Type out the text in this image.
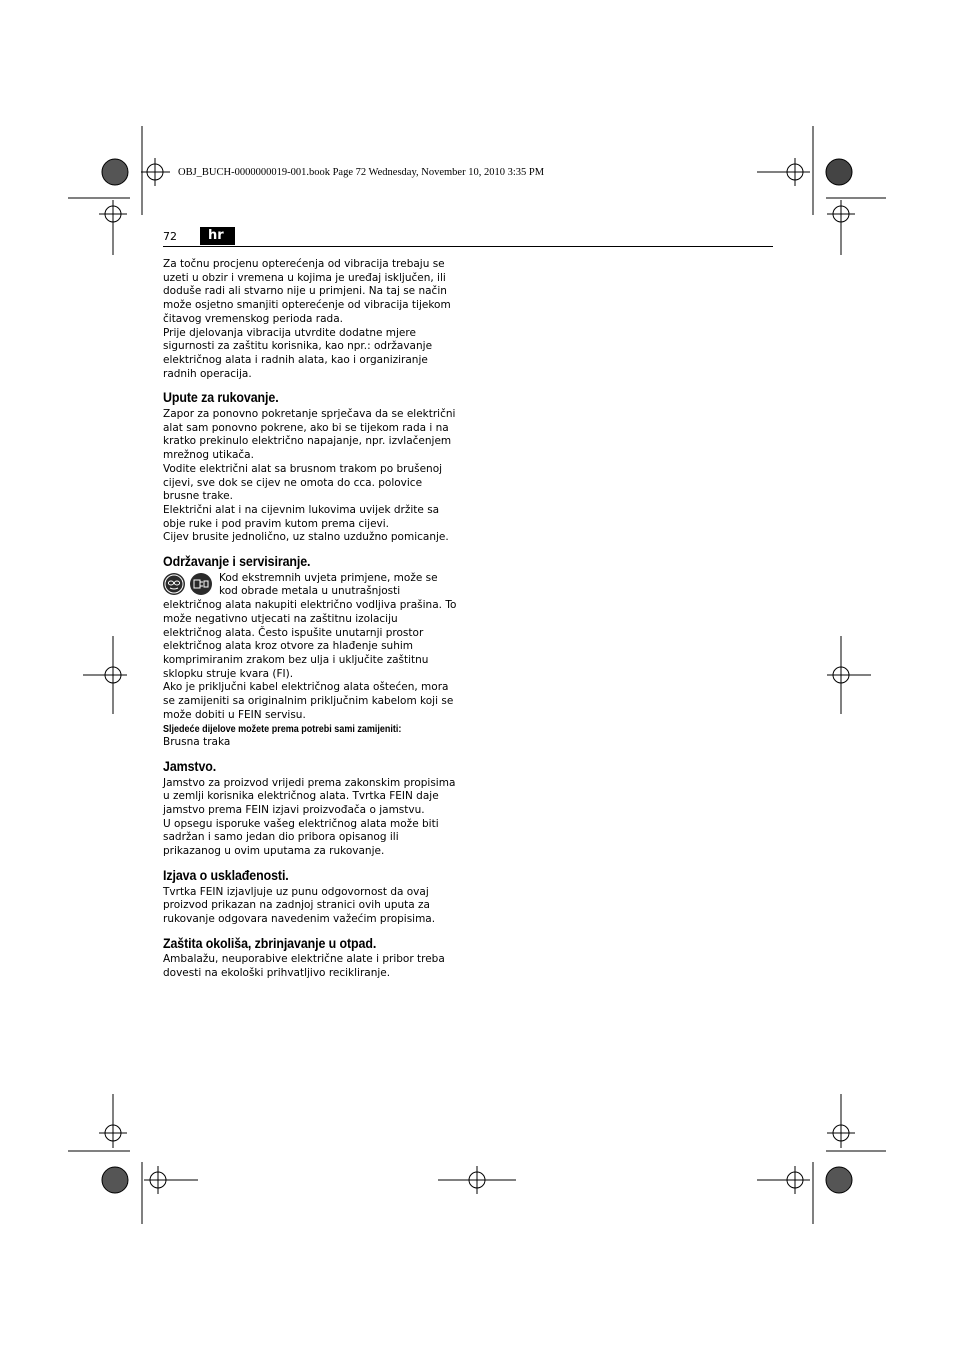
OBJ_BUCH-0000000019-001.book Page 72 Wednesday, November 10, 2010 3:35 PM
72	hr

Za točnu procjenu opterećenja od vibracija trebaju se uzeti u obzir i vremena u kojima je uređaj isključen, ili doduše radi ali stvarno nije u primjeni. Na taj se način može osjetno smanjiti opterećenje od vibracija tijekom čitavog vremenskog perioda rada.

Prije djelovanja vibracija utvrdite dodatne mjere sigurnosti za zaštitu korisnika, kao npr.: održavanje električnog alata i radnih alata, kao i organiziranje radnih operacija.

Upute za rukovanje.

Zapor za ponovno pokretanje sprječava da se električni alat sam ponovno pokrene, ako bi se tijekom rada i na kratko prekinulo električno napajanje, npr. izvlačenjem mrežnog utikača.

Vodite električni alat sa brusnom trakom po brušenoj cijevi, sve dok se cijev ne omota do cca. polovice brusne trake.

Električni alat i na cijevnim lukovima uvijek držite sa obje ruke i pod pravim kutom prema cijevi.

Cijev brusite jednolično, uz stalno uzdužno pomicanje.

Održavanje i servisiranje.

Kod ekstremnih uvjeta primjene, može se kod obrade metala u unutrašnjosti električnog alata nakupiti električno vodljiva prašina. To može negativno utjecati na zaštitnu izolaciju električnog alata. Često ispušite unutarnji prostor električnog alata kroz otvore za hlađenje suhim komprimiranim zrakom bez ulja i uključite zaštitnu sklopku struje kvara (FI).

Ako je priključni kabel električnog alata oštećen, mora se zamijeniti sa originalnim priključnim kabelom koji se može dobiti u FEIN servisu.

Sljedeće dijelove možete prema potrebi sami zamijeniti:

Brusna traka

Jamstvo.

Jamstvo za proizvod vrijedi prema zakonskim propisima u zemlji korisnika električnog alata. Tvrtka FEIN daje jamstvo prema FEIN izjavi proizvođača o jamstvu.

U opsegu isporuke vašeg električnog alata može biti sadržan i samo jedan dio pribora opisanog ili prikazanog u ovim uputama za rukovanje.

Izjava o usklađenosti.

Tvrtka FEIN izjavljuje uz punu odgovornost da ovaj proizvod prikazan na zadnjoj stranici ovih uputa za rukovanje odgovara navedenim važećim propisima.

Zaštita okoliša, zbrinjavanje u otpad.

Ambalažu, neuporabive električne alate i pribor treba dovesti na ekološki prihvatljivo recikliranje.
